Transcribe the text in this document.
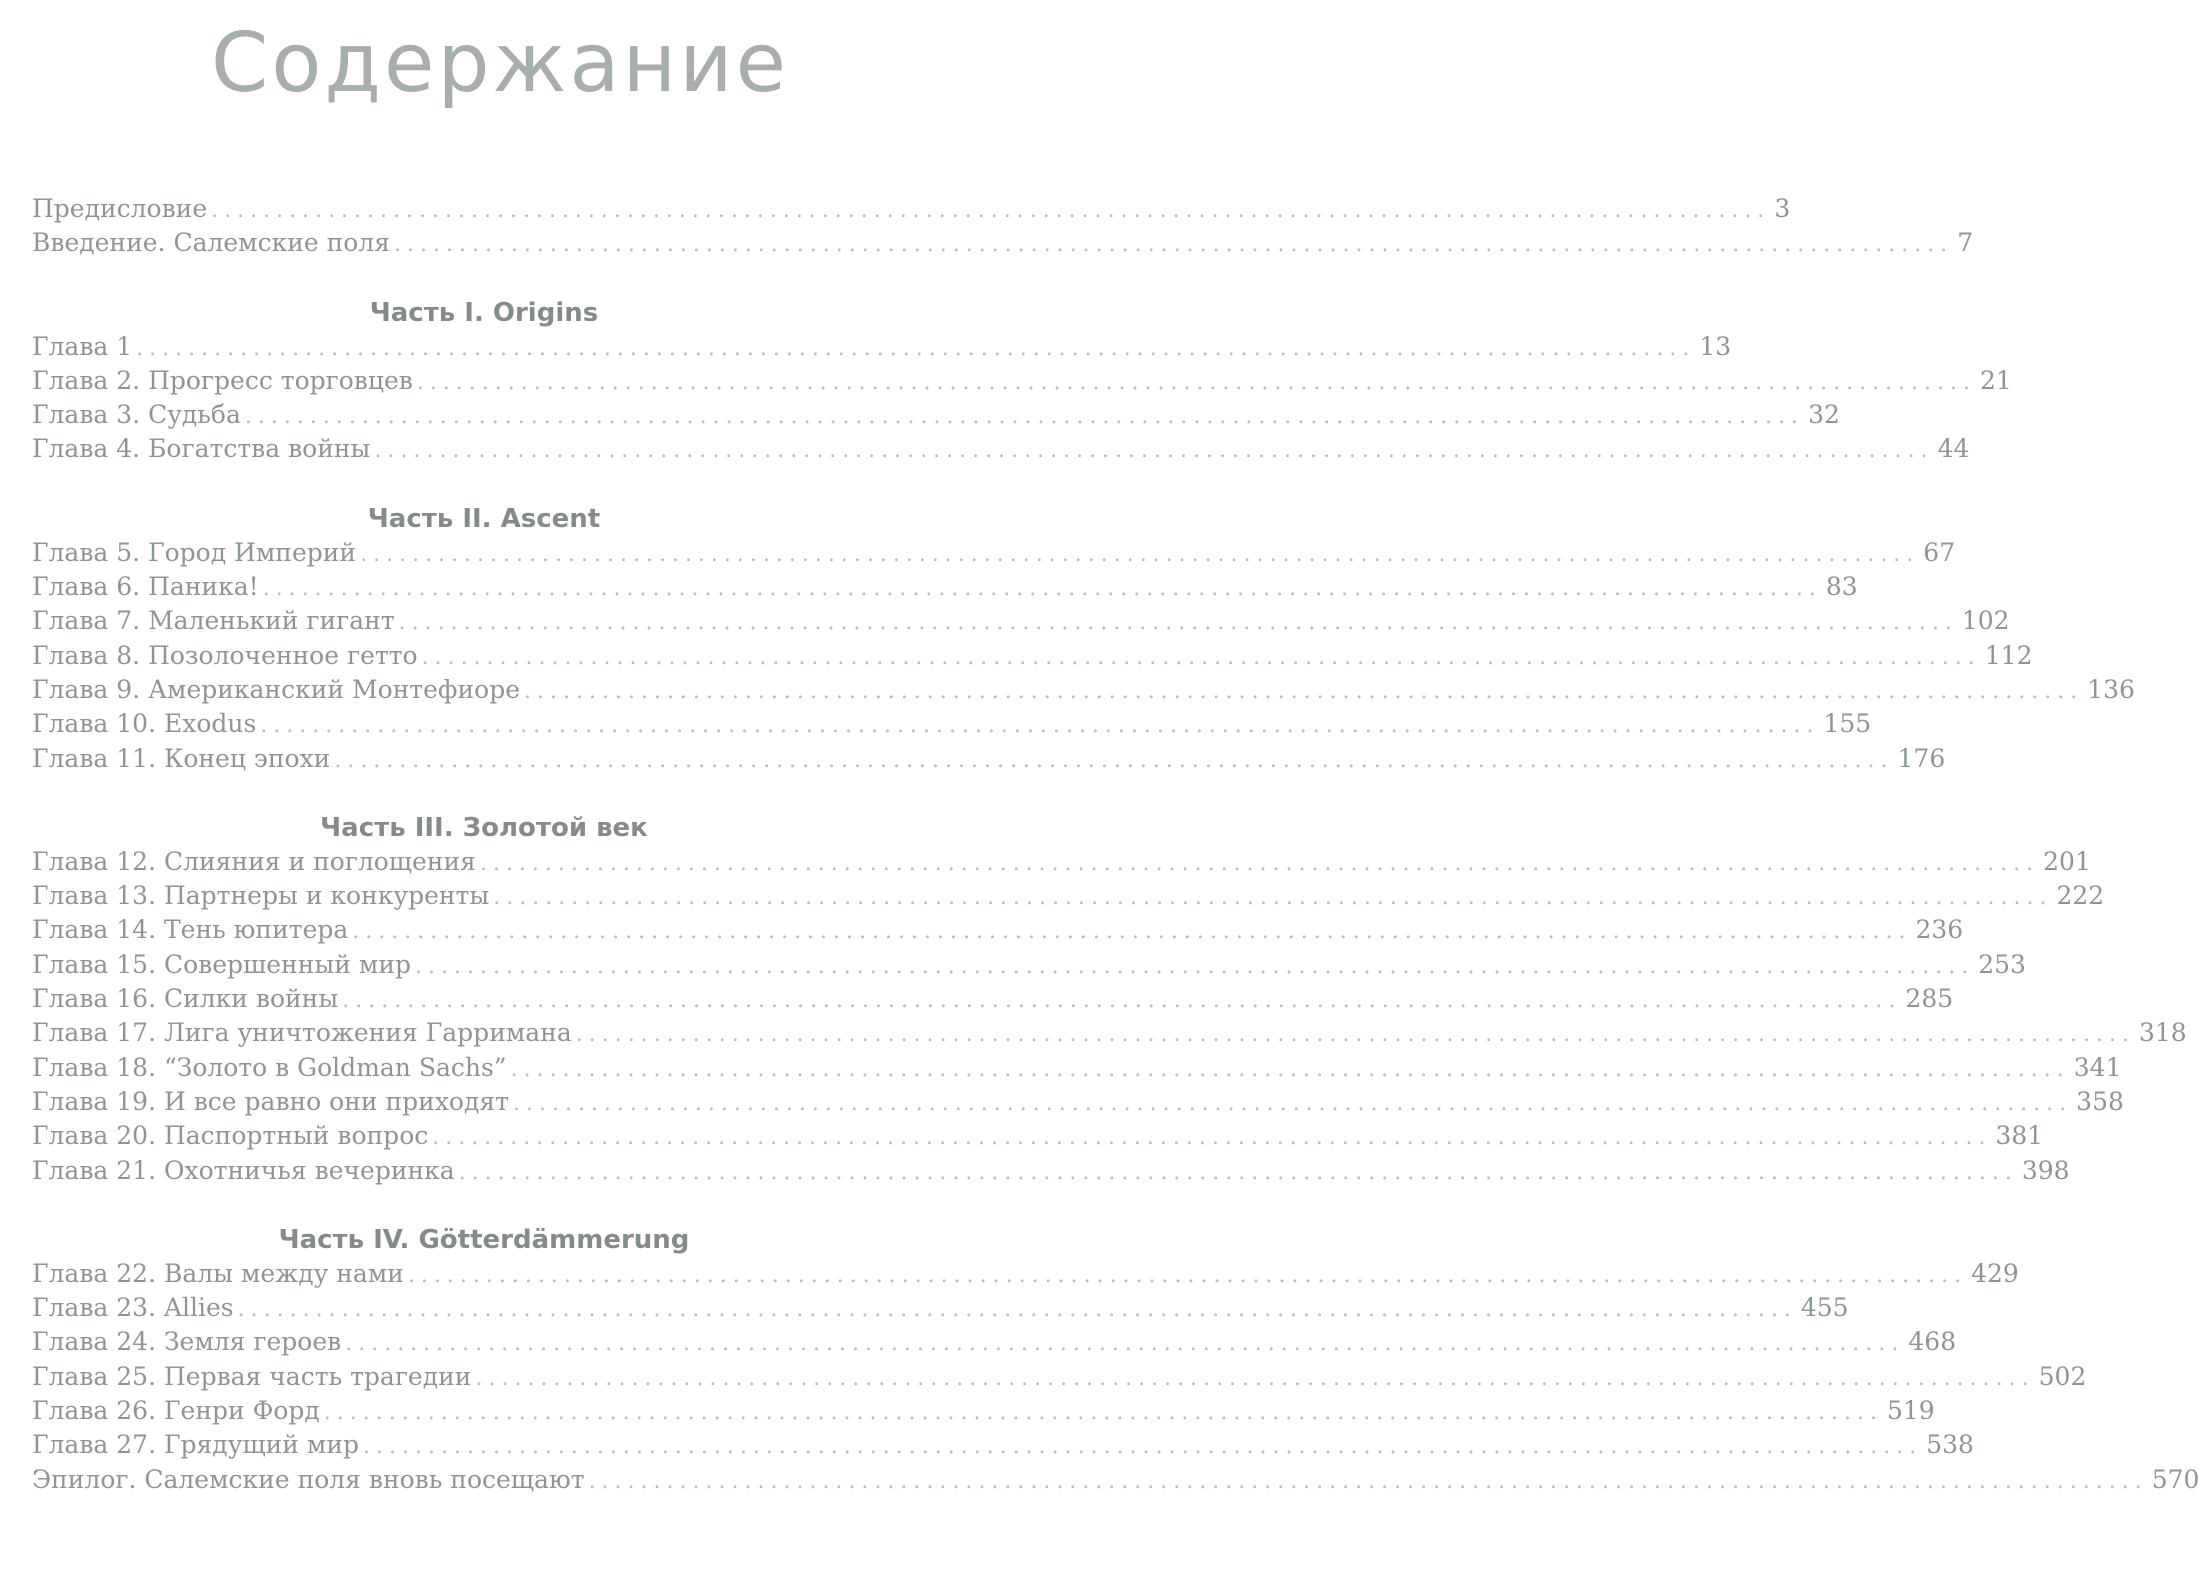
Содержание
Предисловие ........................................................................................................................ 3
Введение. Салемские поля ........................................................................................................................ 7
Часть I. Origins
Глава 1 ........................................................................................................................ 13
Глава 2. Прогресс торговцев ........................................................................................................................ 21
Глава 3. Судьба ........................................................................................................................ 32
Глава 4. Богатства войны ........................................................................................................................ 44
Часть II. Ascent
Глава 5. Город Империй ........................................................................................................................ 67
Глава 6. Паника! ........................................................................................................................ 83
Глава 7. Маленький гигант ........................................................................................................................ 102
Глава 8. Позолоченное гетто ........................................................................................................................ 112
Глава 9. Американский Монтефиоре ........................................................................................................................ 136
Глава 10. Exodus ........................................................................................................................ 155
Глава 11. Конец эпохи ........................................................................................................................ 176
Часть III. Золотой век
Глава 12. Слияния и поглощения ........................................................................................................................ 201
Глава 13. Партнеры и конкуренты ........................................................................................................................ 222
Глава 14. Тень юпитера ........................................................................................................................ 236
Глава 15. Совершенный мир ........................................................................................................................ 253
Глава 16. Силки войны ........................................................................................................................ 285
Глава 17. Лига уничтожения Гарримана ........................................................................................................................ 318
Глава 18. “Золото в Goldman Sachs” ........................................................................................................................ 341
Глава 19. И все равно они приходят ........................................................................................................................ 358
Глава 20. Паспортный вопрос ........................................................................................................................ 381
Глава 21. Охотничья вечеринка ........................................................................................................................ 398
Часть IV. Götterdämmerung
Глава 22. Валы между нами ........................................................................................................................ 429
Глава 23. Allies ........................................................................................................................ 455
Глава 24. Земля героев ........................................................................................................................ 468
Глава 25. Первая часть трагедии ........................................................................................................................ 502
Глава 26. Генри Форд ........................................................................................................................ 519
Глава 27. Грядущий мир ........................................................................................................................ 538
Эпилог. Салемские поля вновь посещают ........................................................................................................................ 570
